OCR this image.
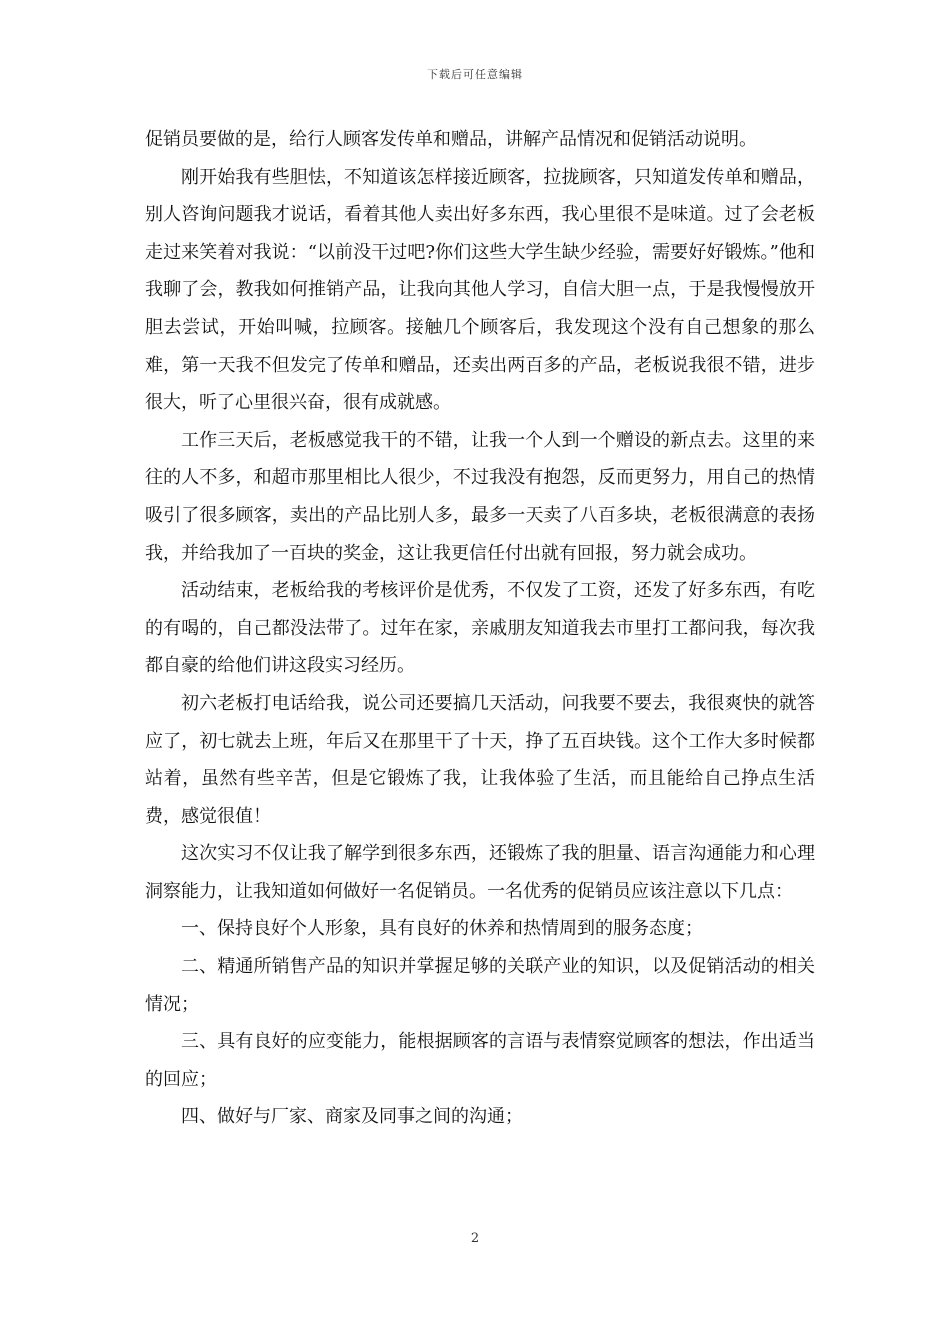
下载后可任意编辑

促销员要做的是，给行人顾客发传单和赠品，讲解产品情况和促销活动说明。

刚开始我有些胆怯，不知道该怎样接近顾客，拉拢顾客，只知道发传单和赠品，别人咨询问题我才说话，看着其他人卖出好多东西，我心里很不是味道。过了会老板走过来笑着对我说：“以前没干过吧?你们这些大学生缺少经验，需要好好锻炼。”他和我聊了会，教我如何推销产品，让我向其他人学习，自信大胆一点，于是我慢慢放开胆去尝试，开始叫喊，拉顾客。接触几个顾客后，我发现这个没有自己想象的那么难，第一天我不但发完了传单和赠品，还卖出两百多的产品，老板说我很不错，进步很大，听了心里很兴奋，很有成就感。

工作三天后，老板感觉我干的不错，让我一个人到一个赠设的新点去。这里的来往的人不多，和超市那里相比人很少，不过我没有抱怨，反而更努力，用自己的热情吸引了很多顾客，卖出的产品比别人多，最多一天卖了八百多块，老板很满意的表扬我，并给我加了一百块的奖金，这让我更信任付出就有回报，努力就会成功。

活动结束，老板给我的考核评价是优秀，不仅发了工资，还发了好多东西，有吃的有喝的，自己都没法带了。过年在家，亲戚朋友知道我去市里打工都问我，每次我都自豪的给他们讲这段实习经历。

初六老板打电话给我，说公司还要搞几天活动，问我要不要去，我很爽快的就答应了，初七就去上班，年后又在那里干了十天，挣了五百块钱。这个工作大多时候都站着，虽然有些辛苦，但是它锻炼了我，让我体验了生活，而且能给自己挣点生活费，感觉很值！

这次实习不仅让我了解学到很多东西，还锻炼了我的胆量、语言沟通能力和心理洞察能力，让我知道如何做好一名促销员。一名优秀的促销员应该注意以下几点：

一、保持良好个人形象，具有良好的休养和热情周到的服务态度；

二、精通所销售产品的知识并掌握足够的关联产业的知识，以及促销活动的相关情况；

三、具有良好的应变能力，能根据顾客的言语与表情察觉顾客的想法，作出适当的回应；

四、做好与厂家、商家及同事之间的沟通；

2
